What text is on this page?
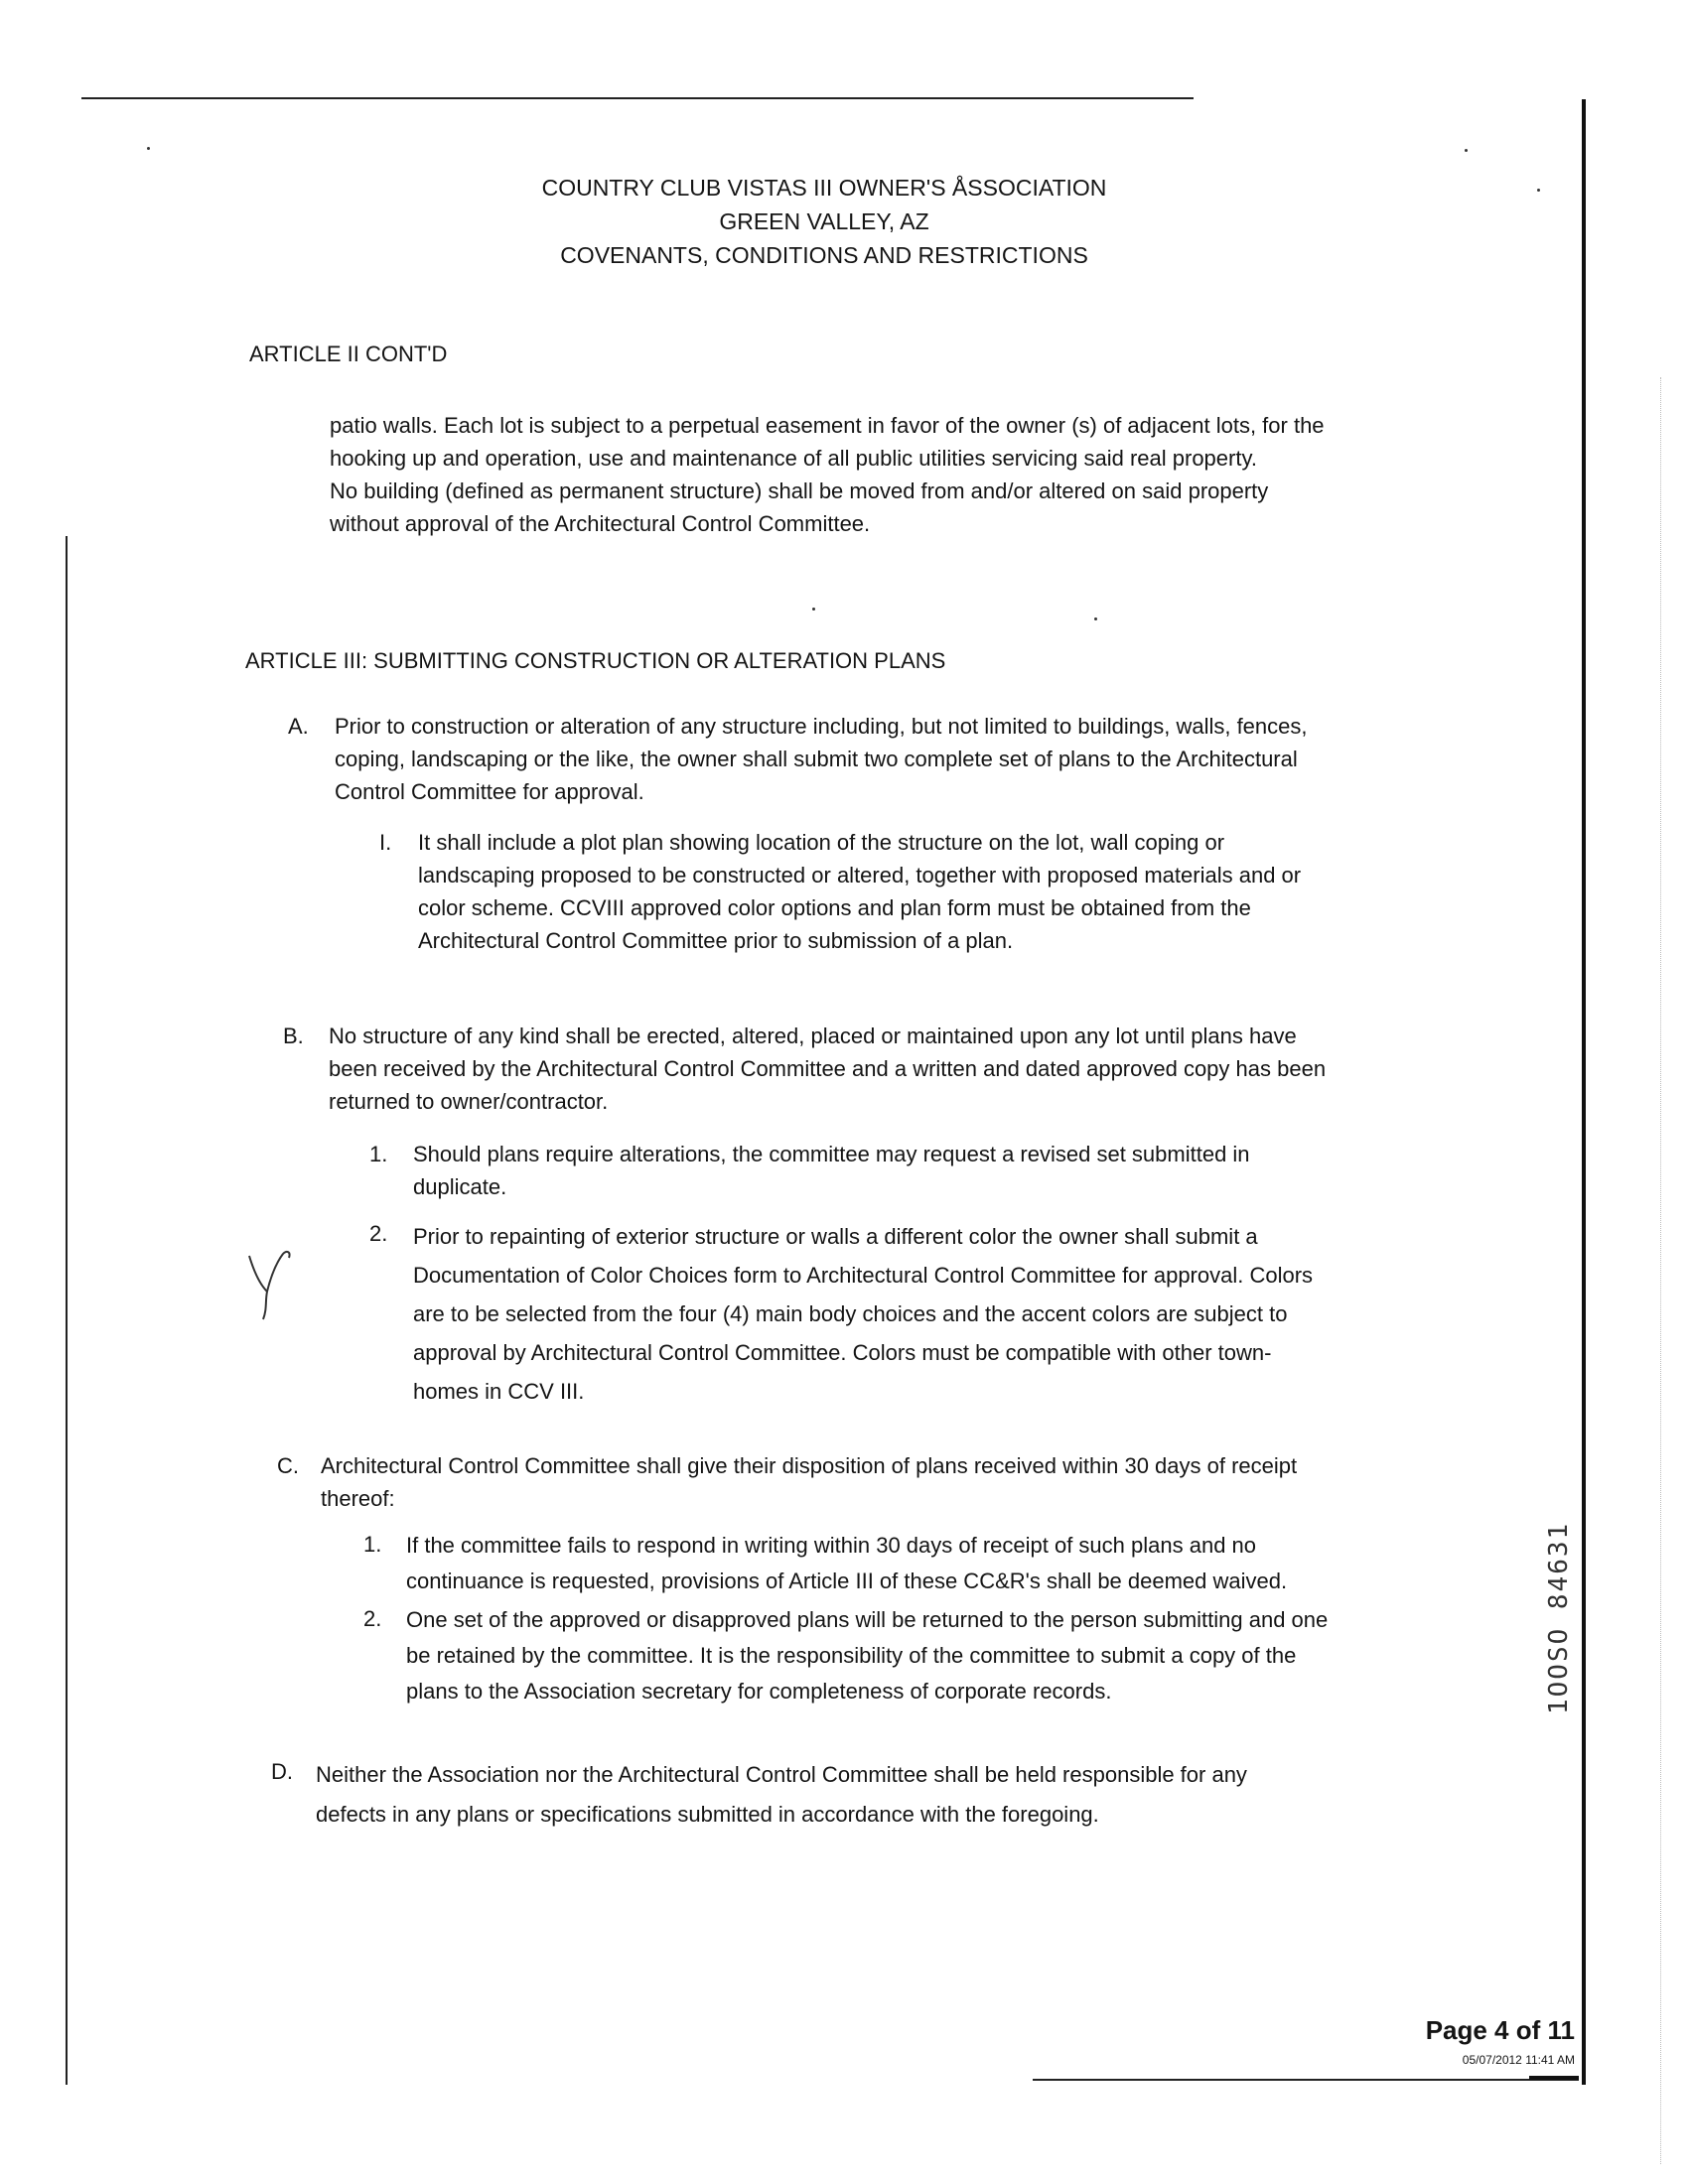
COUNTRY CLUB VISTAS III OWNER'S ÅSSOCIATION
GREEN VALLEY, AZ
COVENANTS, CONDITIONS AND RESTRICTIONS
ARTICLE II CONT'D
patio walls. Each lot is subject to a perpetual easement in favor of the owner (s) of adjacent lots, for the
hooking up and operation, use and maintenance of all public utilities servicing said real property.
No building (defined as permanent structure) shall be moved from and/or altered on said property
without approval of the Architectural Control Committee.
ARTICLE III: SUBMITTING CONSTRUCTION OR ALTERATION PLANS
A. Prior to construction or alteration of any structure including, but not limited to buildings, walls, fences,
coping, landscaping or the like, the owner shall submit two complete set of plans to the Architectural
Control Committee for approval.
I. It shall include a plot plan showing location of the structure on the lot, wall coping or
landscaping proposed to be constructed or altered, together with proposed materials and or
color scheme. CCVIII approved color options and plan form must be obtained from the
Architectural Control Committee prior to submission of a plan.
B. No structure of any kind shall be erected, altered, placed or maintained upon any lot until plans have
been received by the Architectural Control Committee and a written and dated approved copy has been
returned to owner/contractor.
1. Should plans require alterations, the committee may request a revised set submitted in
duplicate.
2. Prior to repainting of exterior structure or walls a different color the owner shall submit a
Documentation of Color Choices form to Architectural Control Committee for approval. Colors
are to be selected from the four (4) main body choices and the accent colors are subject to
approval by Architectural Control Committee. Colors must be compatible with other town-
homes in CCV III.
C. Architectural Control Committee shall give their disposition of plans received within 30 days of receipt
thereof:
1. If the committee fails to respond in writing within 30 days of receipt of such plans and no
continuance is requested, provisions of Article III of these CC&R's shall be deemed waived.
2. One set of the approved or disapproved plans will be returned to the person submitting and one
be retained by the committee. It is the responsibility of the committee to submit a copy of the
plans to the Association secretary for completeness of corporate records.
D. Neither the Association nor the Architectural Control Committee shall be held responsible for any
defects in any plans or specifications submitted in accordance with the foregoing.
1OOSO 84631
Page 4 of 11
05/07/2012 11:41 AM
